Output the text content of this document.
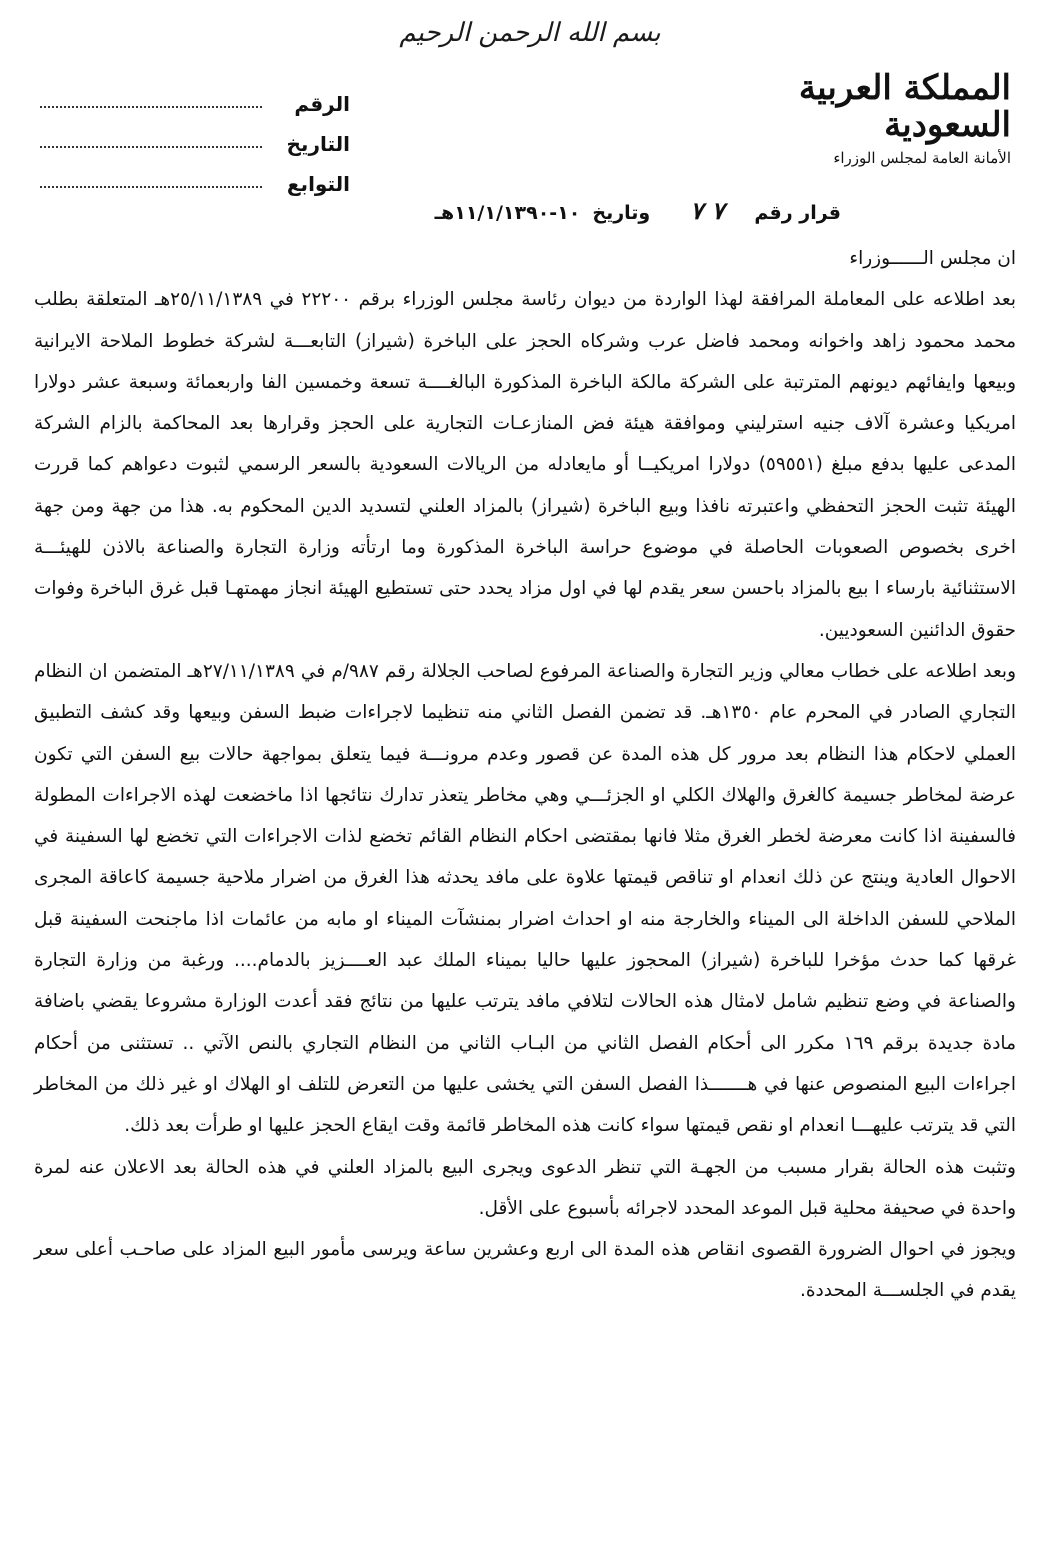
بسم الله الرحمن الرحيم
المملكة العربية السعودية
الأمانة العامة لمجلس الوزراء
الرقم
التاريخ
التوابع
قرار رقم٧ ٧وتاريخ١٠-١١/١/١٣٩٠هـ

ان مجلس الــــــوزراء

بعد اطلاعه على المعاملة المرافقة لهذا الواردة من ديوان رئاسة مجلس الوزراء برقم ٢٢٢٠٠ في ٢٥/١١/١٣٨٩هـ المتعلقة بطلب محمد محمود زاهد واخوانه ومحمد فاضل عرب وشركاه الحجز على الباخرة (شيراز) التابعـــة لشركة خطوط الملاحة الايرانية وبيعها وايفائهم ديونهم المترتبة على الشركة مالكة الباخرة المذكورة البالغــــة تسعة وخمسين الفا واربعمائة وسبعة عشر دولارا امريكيا وعشرة آلاف جنيه استرليني وموافقة هيئة فض المنازعـات التجارية على الحجز وقرارها بعد المحاكمة بالزام الشركة المدعى عليها بدفع مبلغ (٥٩٥٥١) دولارا امريكيــا أو مايعادله من الريالات السعودية بالسعر الرسمي لثبوت دعواهم كما قررت الهيئة تثبت الحجز التحفظي واعتبرته نافذا وبيع الباخرة (شيراز) بالمزاد العلني لتسديد الدين المحكوم به. هذا من جهة ومن جهة اخرى بخصوص الصعوبات الحاصلة في موضوع حراسة الباخرة المذكورة وما ارتأته وزارة التجارة والصناعة بالاذن للهيئـــة الاستثنائية بارساء ا بيع بالمزاد باحسن سعر يقدم لها في اول مزاد يحدد حتى تستطيع الهيئة انجاز مهمتهـا قبل غرق الباخرة وفوات حقوق الدائنين السعوديين.

وبعد اطلاعه على خطاب معالي وزير التجارة والصناعة المرفوع لصاحب الجلالة رقم ٩٨٧/م في ٢٧/١١/١٣٨٩هـ المتضمن ان النظام التجاري الصادر في المحرم عام ١٣٥٠هـ. قد تضمن الفصل الثاني منه تنظيما لاجراءات ضبط السفن وبيعها وقد كشف التطبيق العملي لاحكام هذا النظام بعد مرور كل هذه المدة عن قصور وعدم مرونـــة فيما يتعلق بمواجهة حالات بيع السفن التي تكون عرضة لمخاطر جسيمة كالغرق والهلاك الكلي او الجزئـــي وهي مخاطر يتعذر تدارك نتائجها اذا ماخضعت لهذه الاجراءات المطولة فالسفينة اذا كانت معرضة لخطر الغرق مثلا فانها بمقتضى احكام النظام القائم تخضع لذات الاجراءات التي تخضع لها السفينة في الاحوال العادية وينتج عن ذلك انعدام او تناقص قيمتها علاوة على مافد يحدثه هذا الغرق من اضرار ملاحية جسيمة كاعاقة المجرى الملاحي للسفن الداخلة الى الميناء والخارجة منه او احداث اضرار بمنشآت الميناء او مابه من عائمات اذا ماجنحت السفينة قبل غرقها كما حدث مؤخرا للباخرة (شيراز) المحجوز عليها حاليا بميناء الملك عبد العــــزيز بالدمام.... ورغبة من وزارة التجارة والصناعة في وضع تنظيم شامل لامثال هذه الحالات لتلافي مافد يترتب عليها من نتائج فقد أعدت الوزارة مشروعا يقضي باضافة مادة جديدة برقم ١٦٩ مكرر الى أحكام الفصل الثاني من البـاب الثاني من النظام التجاري بالنص الآتي .. تستثنى من أحكام اجراءات البيع المنصوص عنها في هـــــــذا الفصل السفن التي يخشى عليها من التعرض للتلف او الهلاك او غير ذلك من المخاطر التي قد يترتب عليهـــا انعدام او نقص قيمتها سواء كانت هذه المخاطر قائمة وقت ايقاع الحجز عليها او طرأت بعد ذلك.

وتثبت هذه الحالة بقرار مسبب من الجهـة التي تنظر الدعوى ويجرى البيع بالمزاد العلني في هذه الحالة بعد الاعلان عنه لمرة واحدة في صحيفة محلية قبل الموعد المحدد لاجرائه بأسبوع على الأقل.

ويجوز في احوال الضرورة القصوى انقاص هذه المدة الى اربع وعشرين ساعة ويرسى مأمور البيع المزاد على صاحـب أعلى سعر يقدم في الجلســـة المحددة.
